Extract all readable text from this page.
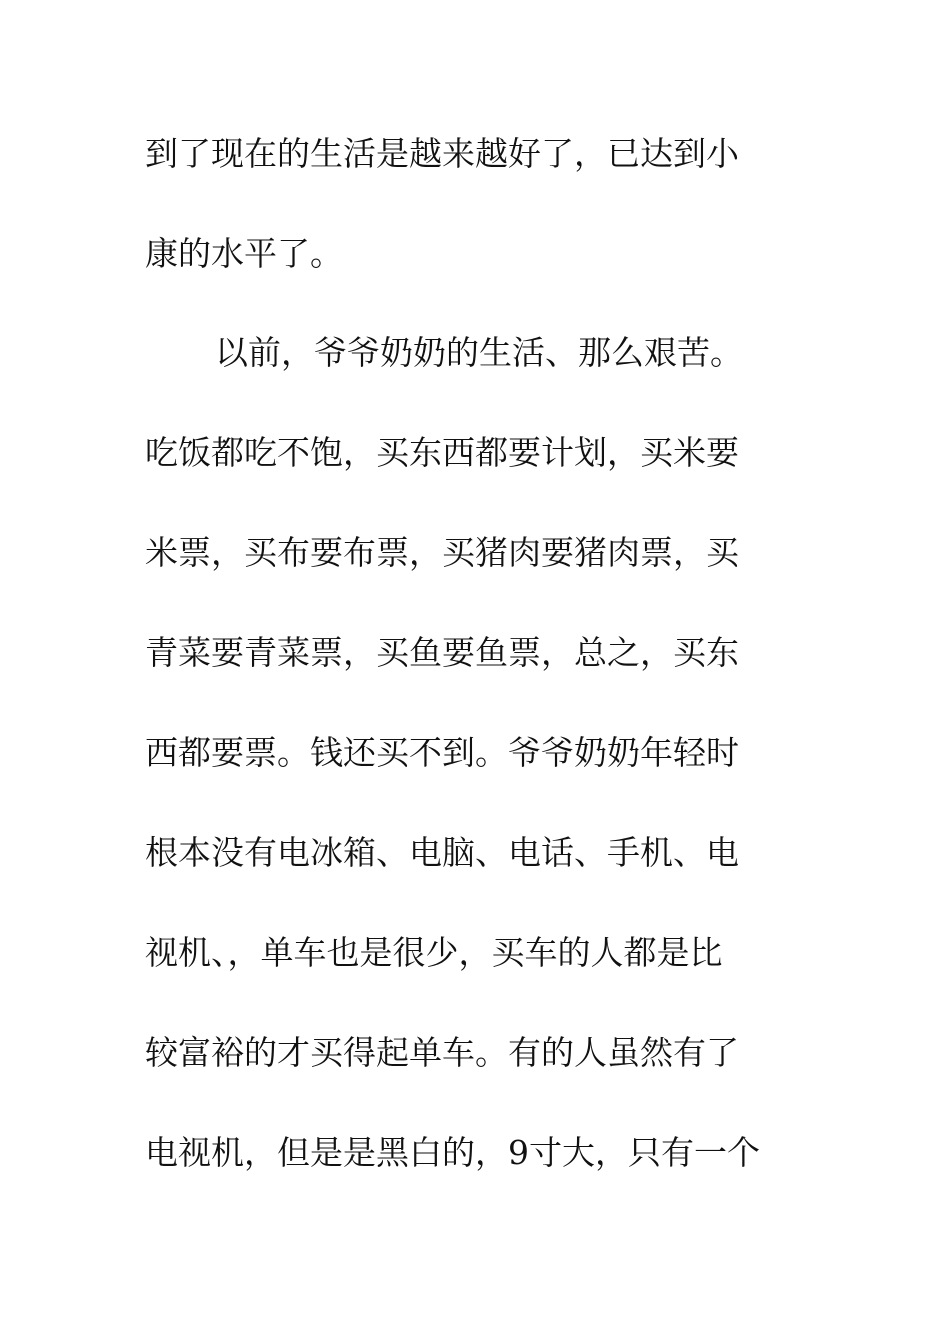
到了现在的生活是越来越好了，已达到小
康的水平了。
以前，爷爷奶奶的生活、那么艰苦。
吃饭都吃不饱，买东西都要计划，买米要
米票，买布要布票，买猪肉要猪肉票，买
青菜要青菜票，买鱼要鱼票，总之，买东
西都要票。钱还买不到。爷爷奶奶年轻时
根本没有电冰箱、电脑、电话、手机、电
视机、，单车也是很少，买车的人都是比
较富裕的才买得起单车。有的人虽然有了
电视机，但是是黑白的，9寸大，只有一个
